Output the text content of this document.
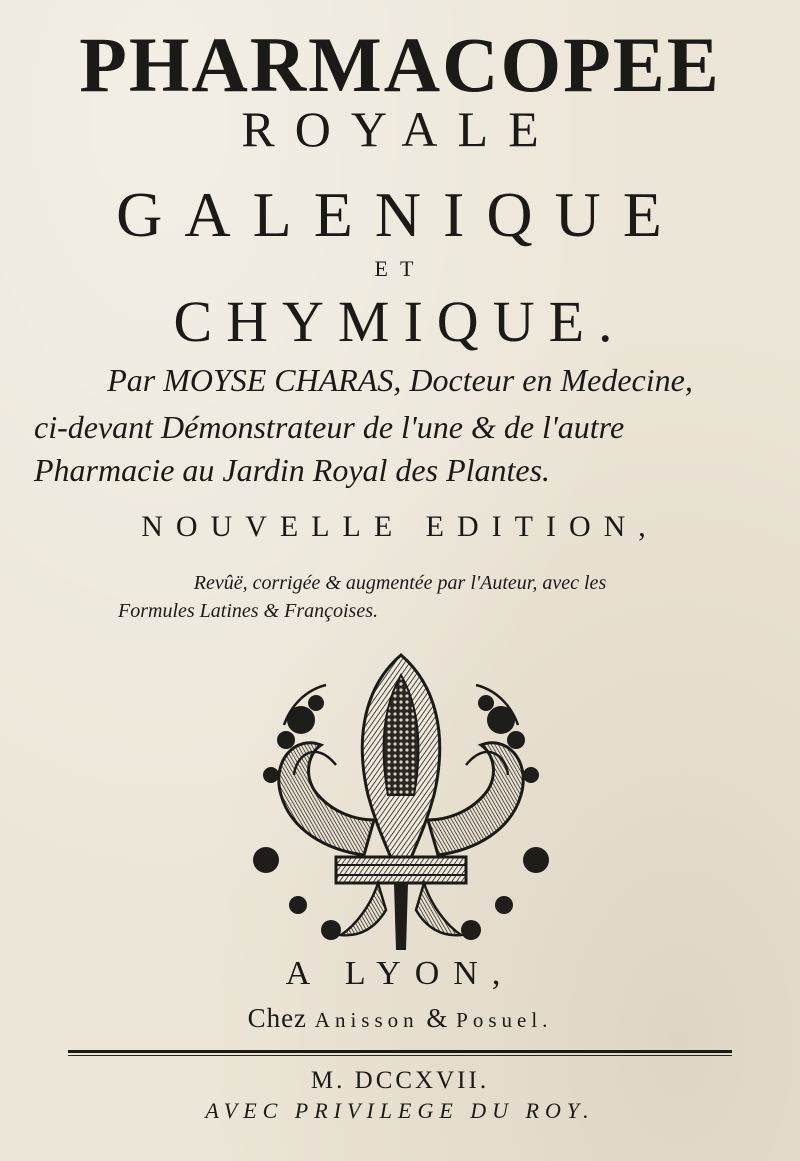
PHARMACOPEE
ROYALE
GALENIQUE
ET
CHYMIQUE.
Par MOYSE CHARAS, Docteur en Medecine,
ci-devant Démonstrateur de l'une & de l'autre
Pharmacie au Jardin Royal des Plantes.
NOUVELLE EDITION,
Revûë, corrigée & augmentée par l'Auteur, avec les
Formules Latines & Françoises.
A LYON,
Chez Anisson & Posuel.
M. DCCXVII.
AVEC PRIVILEGE DU ROY.
